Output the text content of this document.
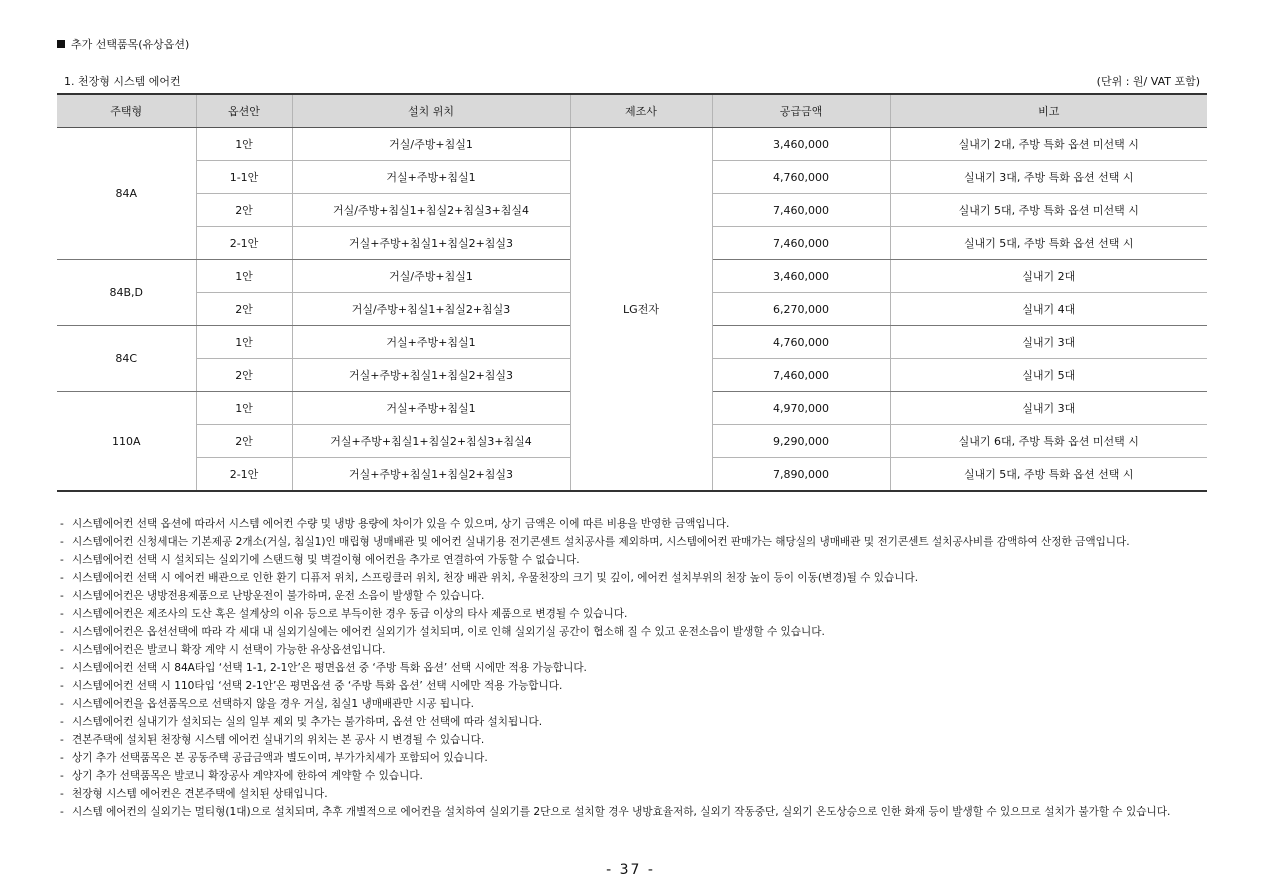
추가 선택품목(유상옵션)
1. 천장형 시스템 에어컨	(단위 : 원/ VAT 포함)
주택형	옵션안	설치 위치	제조사	공급금액	비고
84A	1안	거실/주방+침실1	LG전자	3,460,000	실내기 2대, 주방 특화 옵션 미선택 시
	1-1안	거실+주방+침실1		4,760,000	실내기 3대, 주방 특화 옵션 선택 시
	2안	거실/주방+침실1+침실2+침실3+침실4		7,460,000	실내기 5대, 주방 특화 옵션 미선택 시
	2-1안	거실+주방+침실1+침실2+침실3		7,460,000	실내기 5대, 주방 특화 옵션 선택 시
84B,D	1안	거실/주방+침실1		3,460,000	실내기 2대
	2안	거실/주방+침실1+침실2+침실3		6,270,000	실내기 4대
84C	1안	거실+주방+침실1		4,760,000	실내기 3대
	2안	거실+주방+침실1+침실2+침실3		7,460,000	실내기 5대
110A	1안	거실+주방+침실1		4,970,000	실내기 3대
	2안	거실+주방+침실1+침실2+침실3+침실4		9,290,000	실내기 6대, 주방 특화 옵션 미선택 시
	2-1안	거실+주방+침실1+침실2+침실3		7,890,000	실내기 5대, 주방 특화 옵션 선택 시
- 시스템에어컨 선택 옵션에 따라서 시스템 에어컨 수량 및 냉방 용량에 차이가 있을 수 있으며, 상기 금액은 이에 따른 비용을 반영한 금액입니다.
- 시스템에어컨 신청세대는 기본제공 2개소(거실, 침실1)인 매립형 냉매배관 및 에어컨 실내기용 전기콘센트 설치공사를 제외하며, 시스템에어컨 판매가는 해당실의 냉매배관 및 전기콘센트 설치공사비를 감액하여 산정한 금액입니다.
- 시스템에어컨 선택 시 설치되는 실외기에 스탠드형 및 벽걸이형 에어컨을 추가로 연결하여 가동할 수 없습니다.
- 시스템에어컨 선택 시 에어컨 배관으로 인한 환기 디퓨저 위치, 스프링클러 위치, 천장 배관 위치, 우물천장의 크기 및 깊이, 에어컨 설치부위의 천장 높이 등이 이동(변경)될 수 있습니다.
- 시스템에어컨은 냉방전용제품으로 난방운전이 불가하며, 운전 소음이 발생할 수 있습니다.
- 시스템에어컨은 제조사의 도산 혹은 설계상의 이유 등으로 부득이한 경우 동급 이상의 타사 제품으로 변경될 수 있습니다.
- 시스템에어컨은 옵션선택에 따라 각 세대 내 실외기실에는 에어컨 실외기가 설치되며, 이로 인해 실외기실 공간이 협소해 질 수 있고 운전소음이 발생할 수 있습니다.
- 시스템에어컨은 발코니 확장 계약 시 선택이 가능한 유상옵션입니다.
- 시스템에어컨 선택 시 84A타입 ‘선택 1-1, 2-1안’은 평면옵션 중 ‘주방 특화 옵션’ 선택 시에만 적용 가능합니다.
- 시스템에어컨 선택 시 110타입 ‘선택 2-1안’은 평면옵션 중 ‘주방 특화 옵션’ 선택 시에만 적용 가능합니다.
- 시스템에어컨을 옵션품목으로 선택하지 않을 경우 거실, 침실1 냉매배관만 시공 됩니다.
- 시스템에어컨 실내기가 설치되는 실의 일부 제외 및 추가는 불가하며, 옵션 안 선택에 따라 설치됩니다.
- 견본주택에 설치된 천장형 시스템 에어컨 실내기의 위치는 본 공사 시 변경될 수 있습니다.
- 상기 추가 선택품목은 본 공동주택 공급금액과 별도이며, 부가가치세가 포함되어 있습니다.
- 상기 추가 선택품목은 발코니 확장공사 계약자에 한하여 계약할 수 있습니다.
- 천장형 시스템 에어컨은 견본주택에 설치된 상태입니다.
- 시스템 에어컨의 실외기는 멀티형(1대)으로 설치되며, 추후 개별적으로 에어컨을 설치하여 실외기를 2단으로 설치할 경우 냉방효율저하, 실외기 작동중단, 실외기 온도상승으로 인한 화재 등이 발생할 수 있으므로 설치가 불가할 수 있습니다.
- 37 -
